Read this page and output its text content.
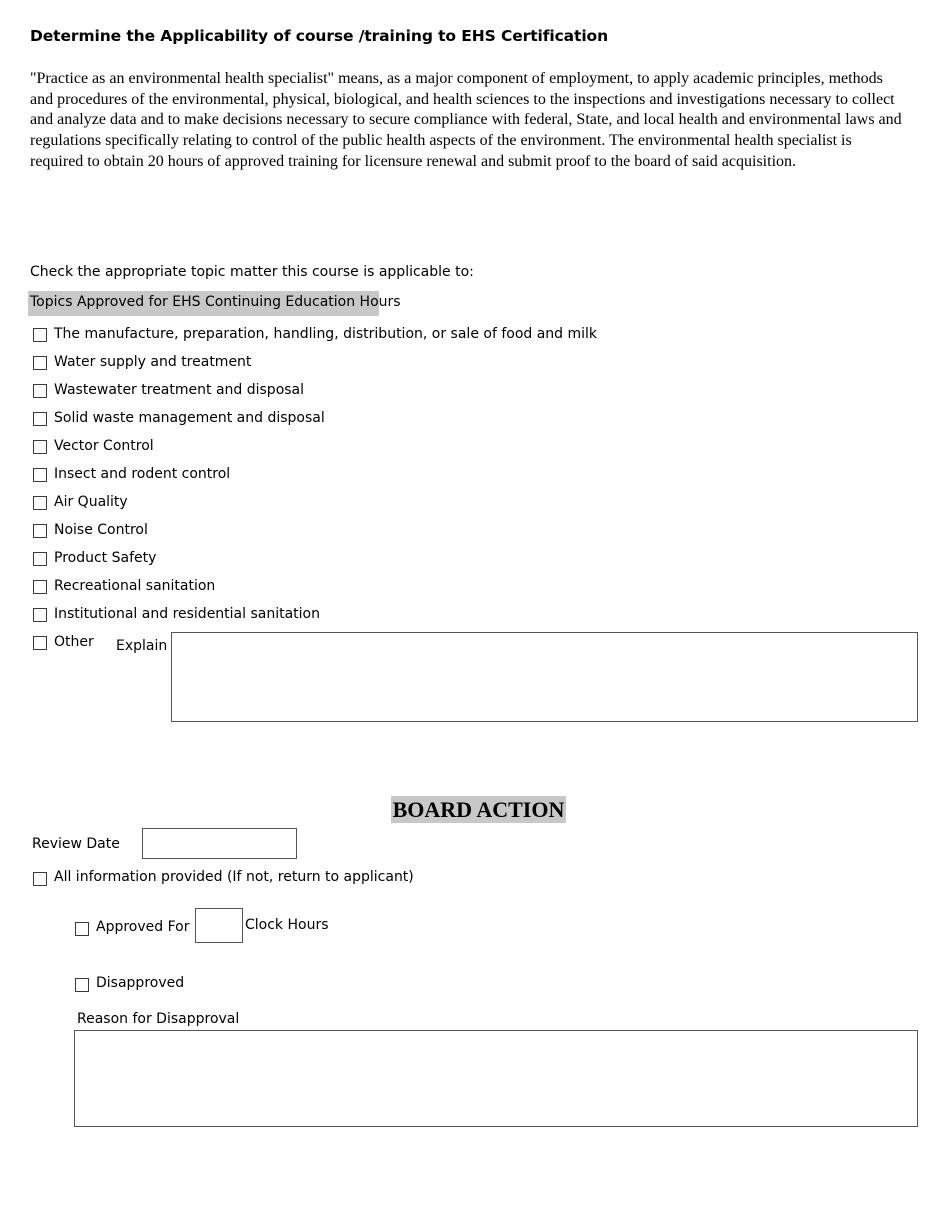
Determine the Applicability of course /training to EHS Certification
"Practice as an environmental health specialist" means, as a major component of employment, to apply academic principles, methods and procedures of the environmental, physical, biological, and health sciences to the inspections and investigations necessary to collect and analyze data and to make decisions necessary to secure compliance with federal, State, and local health and environmental laws and regulations specifically relating to control of the public health aspects of the environment. The environmental health specialist is required to obtain 20 hours of approved training for licensure renewal and submit proof to the board of said acquisition.
Check the appropriate topic matter this course is applicable to:
Topics Approved for EHS Continuing Education Hours
The manufacture, preparation, handling, distribution, or sale of food and milk
Water supply and treatment
Wastewater treatment and disposal
Solid waste management and disposal
Vector Control
Insect and rodent control
Air Quality
Noise Control
Product Safety
Recreational sanitation
Institutional and residential sanitation
Other Explain
BOARD ACTION
Review Date
All information provided (If not, return to applicant)
Approved For	Clock Hours
Disapproved
Reason for Disapproval
